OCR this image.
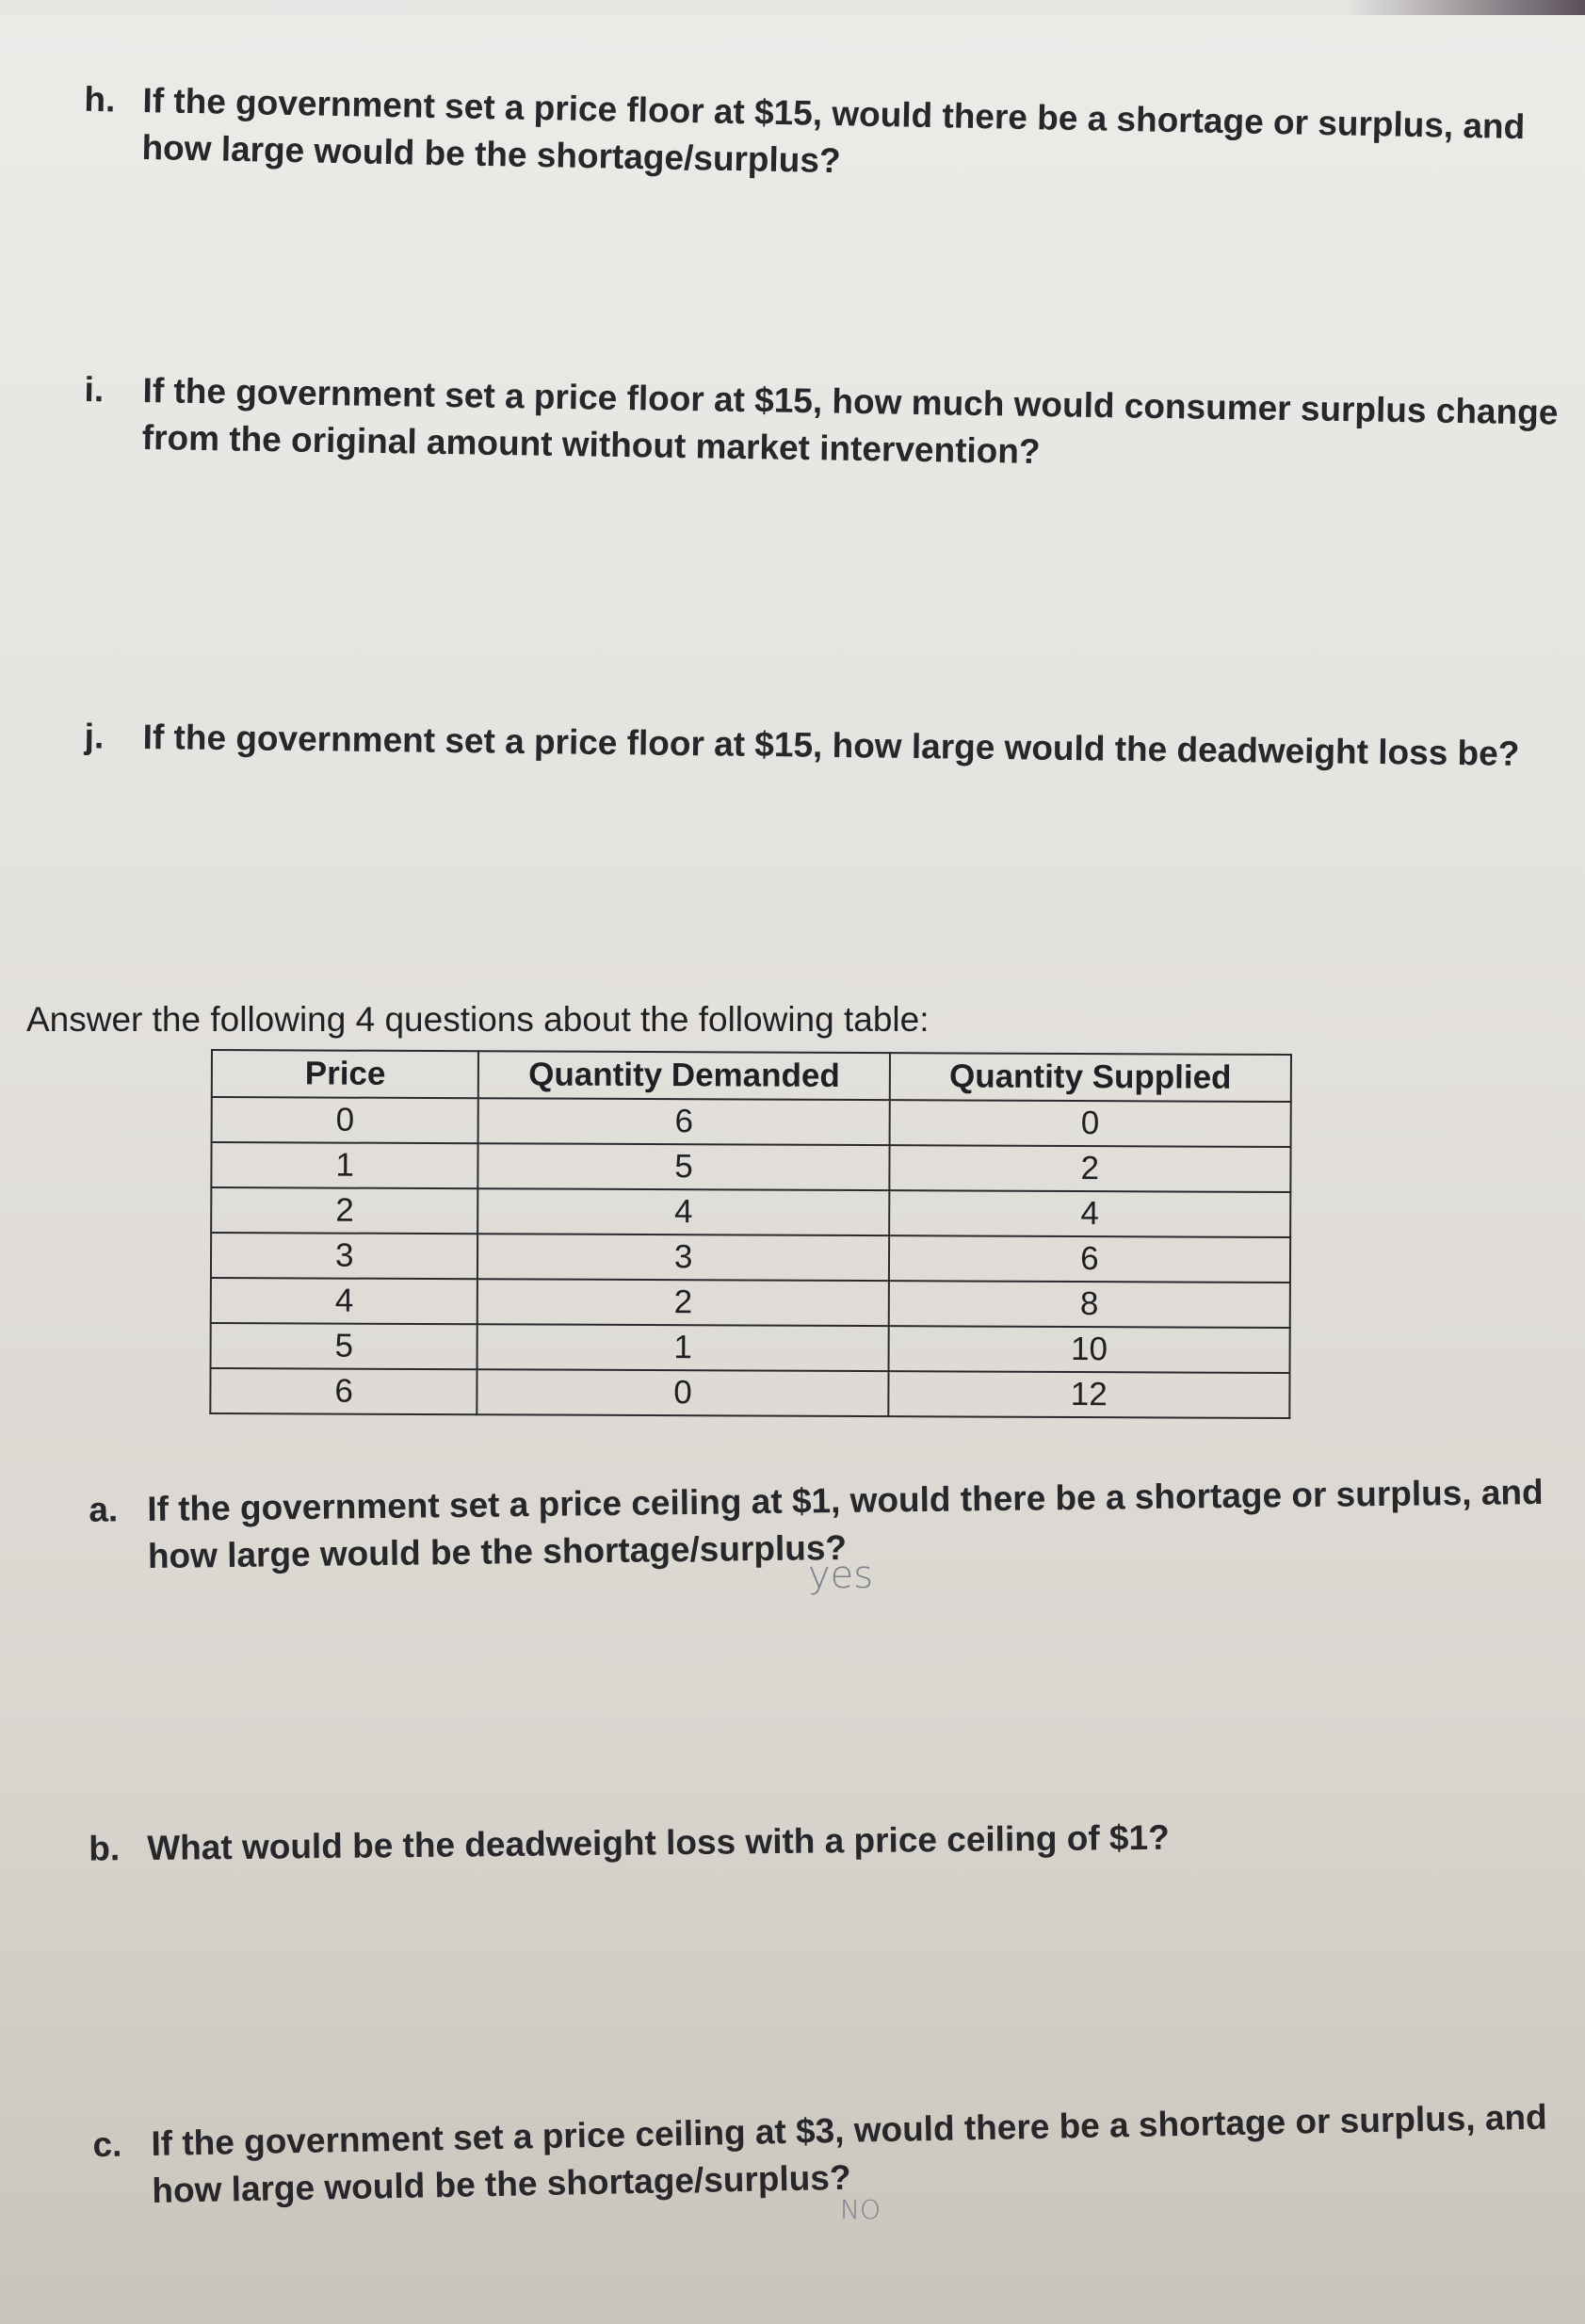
h. If the government set a price floor at $15, would there be a shortage or surplus, and how large would be the shortage/surplus?
i. If the government set a price floor at $15, how much would consumer surplus change from the original amount without market intervention?
j. If the government set a price floor at $15, how large would the deadweight loss be?
Answer the following 4 questions about the following table:
Price	Quantity Demanded	Quantity Supplied
0	6	0
1	5	2
2	4	4
3	3	6
4	2	8
5	1	10
6	0	12
a. If the government set a price ceiling at $1, would there be a shortage or surplus, and how large would be the shortage/surplus?
yes
b. What would be the deadweight loss with a price ceiling of $1?
c. If the government set a price ceiling at $3, would there be a shortage or surplus, and how large would be the shortage/surplus?
NO
